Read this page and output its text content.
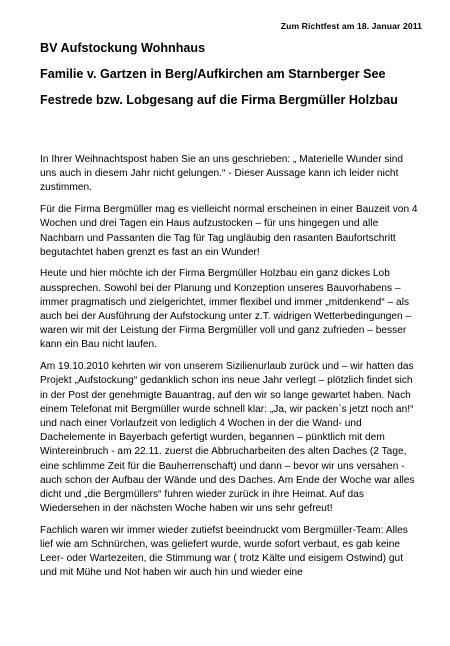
Zum Richtfest am 18. Januar 2011
BV Aufstockung Wohnhaus
Familie v. Gartzen in Berg/Aufkirchen am Starnberger See
Festrede bzw. Lobgesang auf die Firma Bergmüller Holzbau

In Ihrer Weihnachtspost haben Sie an uns geschrieben: „ Materielle Wunder sind uns auch in diesem Jahr nicht gelungen.“ - Dieser Aussage kann ich leider nicht zustimmen.

Für die Firma Bergmüller mag es vielleicht normal erscheinen in einer Bauzeit von 4 Wochen und drei Tagen ein Haus aufzustocken – für uns hingegen und alle Nachbarn und Passanten die Tag für Tag ungläubig den rasanten Baufortschritt begutachtet haben grenzt es fast an ein Wunder!

Heute und hier möchte ich der Firma Bergmüller Holzbau ein ganz dickes Lob aussprechen. Sowohl bei der Planung und Konzeption unseres Bauvorhabens – immer pragmatisch und zielgerichtet, immer flexibel und immer „mitdenkend“ – als auch bei der Ausführung der Aufstockung unter z.T. widrigen Wetterbedingungen – waren wir mit der Leistung der Firma Bergmüller voll und ganz zufrieden – besser kann ein Bau nicht laufen.

Am 19.10.2010 kehrten wir von unserem Sizilienurlaub zurück und – wir hatten das Projekt „Aufstockung“ gedanklich schon ins neue Jahr verlegt – plötzlich findet sich in der Post der genehmigte Bauantrag, auf den wir so lange gewartet haben. Nach einem Telefonat mit Bergmüller wurde schnell klar: „Ja, wir packen`s jetzt noch an!“ und nach einer Vorlaufzeit von lediglich 4 Wochen in der die Wand- und Dachelemente in Bayerbach gefertigt wurden, begannen – pünktlich mit dem Wintereinbruch - am 22.11. zuerst die Abbrucharbeiten des alten Daches (2 Tage, eine schlimme Zeit für die Bauherrenschaft) und dann – bevor wir uns versahen - auch schon der Aufbau der Wände und des Daches. Am Ende der Woche war alles dicht und „die Bergmüllers“ fuhren wieder zurück in ihre Heimat. Auf das Wiedersehen in der nächsten Woche haben wir uns sehr gefreut!

Fachlich waren wir immer wieder zutiefst beeindruckt vom Bergmüller-Team: Alles lief wie am Schnürchen, was geliefert wurde, wurde sofort verbaut, es gab keine Leer- oder Wartezeiten, die Stimmung war ( trotz Kälte und eisigem Ostwind) gut und mit Mühe und Not haben wir auch hin und wieder eine
